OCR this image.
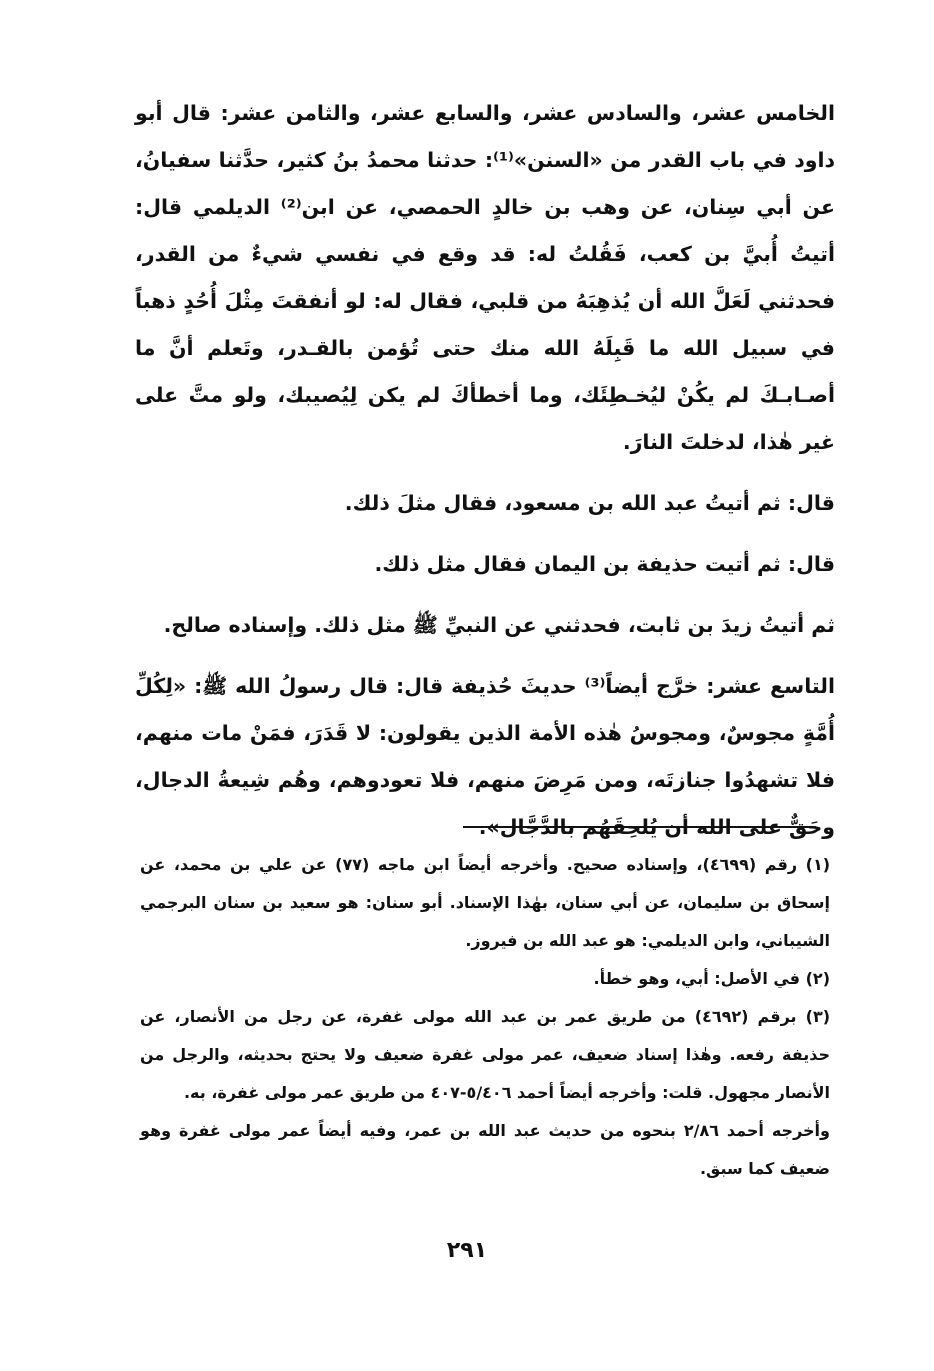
الخامس عشر، والسادس عشر، والسابع عشر، والثامن عشر: قال أبو داود في باب القدر من «السنن»⁽¹⁾: حدثنا محمدُ بنُ كثير، حدَّثنا سفيانُ، عن أبي سِنان، عن وهب بن خالدٍ الحمصي، عن ابن⁽²⁾ الديلمي قال: أتيتُ أُبيَّ بن كعب، فَقُلتُ له: قد وقع في نفسي شيءٌ من القدر، فحدثني لَعَلَّ الله أن يُذهِبَهُ من قلبي، فقال له: لو أنفقتَ مِثْلَ أُحُدٍ ذهباً في سبيل الله ما قَبِلَهُ الله منك حتى تُؤمن بالقـدر، وتَعلم أنَّ ما أصـابـكَ لم يكُنْ ليُخـطِئَك، وما أخطأكَ لم يكن لِيُصيبك، ولو متَّ على غير هٰذا، لدخلتَ النارَ.

قال: ثم أتيتُ عبد الله بن مسعود، فقال مثلَ ذلك.

قال: ثم أتيت حذيفة بن اليمان فقال مثل ذلك.

ثم أتيتُ زيدَ بن ثابت، فحدثني عن النبيِّ ﷺ مثل ذلك. وإسناده صالح.

التاسع عشر: خرَّج أيضاً⁽³⁾ حديثَ حُذيفة قال: قال رسولُ الله ﷺ: «لِكُلِّ أُمَّةٍ مجوسٌ، ومجوسُ هٰذه الأمة الذين يقولون: لا قَدَرَ، فمَنْ مات منهم، فلا تشهدُوا جنازتَه، ومن مَرِضَ منهم، فلا تعودوهم، وهُم شِيعةُ الدجال، وحَقٌّ على الله أن يُلحِقَهُم بالدَّجَّال».

(١) رقم (٤٦٩٩)، وإسناده صحيح. وأخرجه أيضاً ابن ماجه (٧٧) عن علي بن محمد، عن إسحاق بن سليمان، عن أبي سنان، بهٰذا الإسناد. أبو سنان: هو سعيد بن سنان البرجمي الشيباني، وابن الديلمي: هو عبد الله بن فيروز.

(٢) في الأصل: أبي، وهو خطأ.

(٣) برقم (٤٦٩٢) من طريق عمر بن عبد الله مولى غفرة، عن رجل من الأنصار، عن حذيفة رفعه. وهٰذا إسناد ضعيف، عمر مولى غفرة ضعيف ولا يحتج بحديثه، والرجل من الأنصار مجهول. قلت: وأخرجه أيضاً أحمد ٥/٤٠٦-٤٠٧ من طريق عمر مولى غفرة، به.

وأخرجه أحمد ٢/٨٦ بنحوه من حديث عبد الله بن عمر، وفيه أيضاً عمر مولى غفرة وهو ضعيف كما سبق.

٢٩١
